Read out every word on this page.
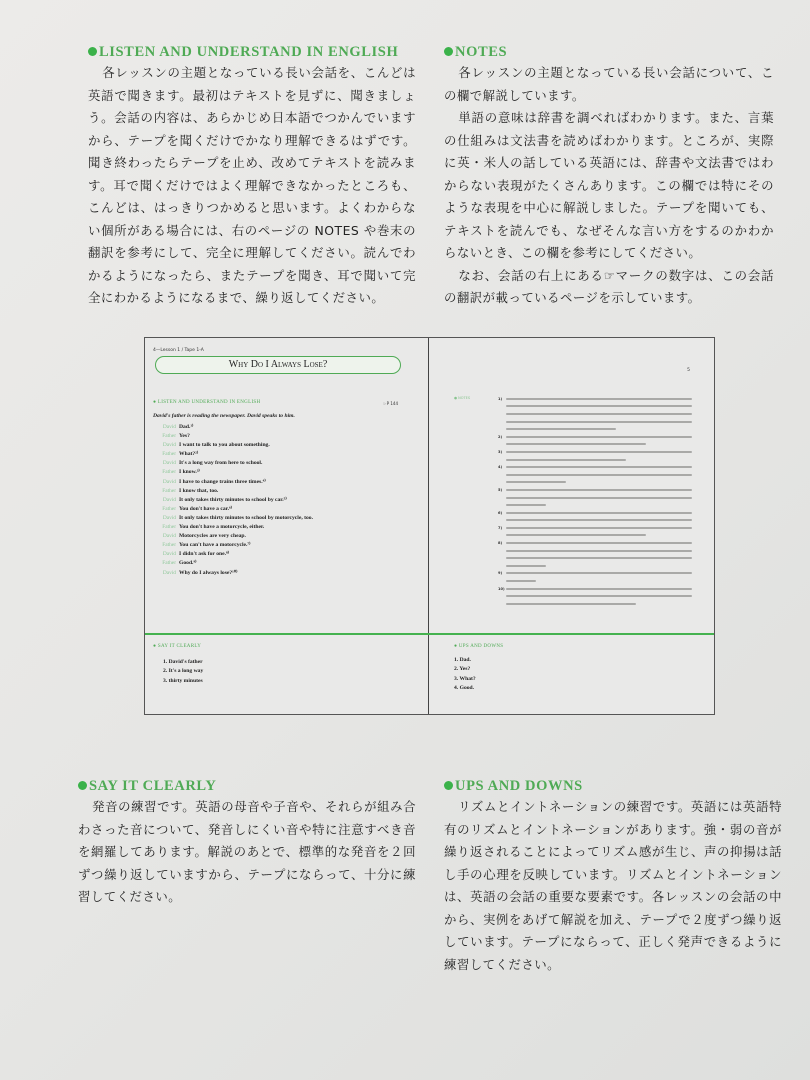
LISTEN AND UNDERSTAND IN ENGLISH

各レッスンの主題となっている長い会話を、こんどは英語で聞きます。最初はテキストを見ずに、聞きましょう。会話の内容は、あらかじめ日本語でつかんでいますから、テープを聞くだけでかなり理解できるはずです。聞き終わったらテープを止め、改めてテキストを読みます。耳で聞くだけではよく理解できなかったところも、こんどは、はっきりつかめると思います。よくわからない個所がある場合には、右のページの NOTES や巻末の翻訳を参考にして、完全に理解してください。読んでわかるようになったら、またテープを聞き、耳で聞いて完全にわかるようになるまで、繰り返してください。

NOTES

各レッスンの主題となっている長い会話について、この欄で解説しています。

単語の意味は辞書を調べればわかります。また、言葉の仕組みは文法書を読めばわかります。ところが、実際に英・米人の話している英語には、辞書や文法書ではわからない表現がたくさんあります。この欄では特にそのような表現を中心に解説しました。テープを聞いても、テキストを読んでも、なぜそんな言い方をするのかわからないとき、この欄を参考にしてください。

なお、会話の右上にある☞マークの数字は、この会話の翻訳が載っているページを示しています。

4—Lesson 1 / Tape 1-A
Why Do I Always Lose?
● LISTEN AND UNDERSTAND IN ENGLISH	☞P 144
David's father is reading the newspaper. David speaks to him.
David Dad.¹⁾
Father Yes?
David I want to talk to you about something.
Father What?²⁾
David It's a long way from here to school.
Father I know.³⁾
David I have to change trains three times.⁴⁾
Father I know that, too.
David It only takes thirty minutes to school by car.⁵⁾
Father You don't have a car.⁶⁾
David It only takes thirty minutes to school by motorcycle, too.
Father You don't have a motorcycle, either.
David Motorcycles are very cheap.
Father You can't have a motorcycle.⁷⁾
David I didn't ask for one.⁸⁾
Father Good.⁹⁾
David Why do I always lose?¹⁰⁾
● SAY IT CLEARLY
1. David's father
2. It's a long way
3. thirty minutes
5
● NOTES	1)
2)
3)
4)
5)
6)
7)
8)
9)
10)
● UPS AND DOWNS
1. Dad.
2. Yes?
3. What?
4. Good.
SAY IT CLEARLY

発音の練習です。英語の母音や子音や、それらが組み合わさった音について、発音しにくい音や特に注意すべき音を網羅してあります。解説のあとで、標準的な発音を２回ずつ繰り返していますから、テープにならって、十分に練習してください。

UPS AND DOWNS

リズムとイントネーションの練習です。英語には英語特有のリズムとイントネーションがあります。強・弱の音が繰り返されることによってリズム感が生じ、声の抑揚は話し手の心理を反映しています。リズムとイントネーションは、英語の会話の重要な要素です。各レッスンの会話の中から、実例をあげて解説を加え、テープで２度ずつ繰り返しています。テープにならって、正しく発声できるように練習してください。
